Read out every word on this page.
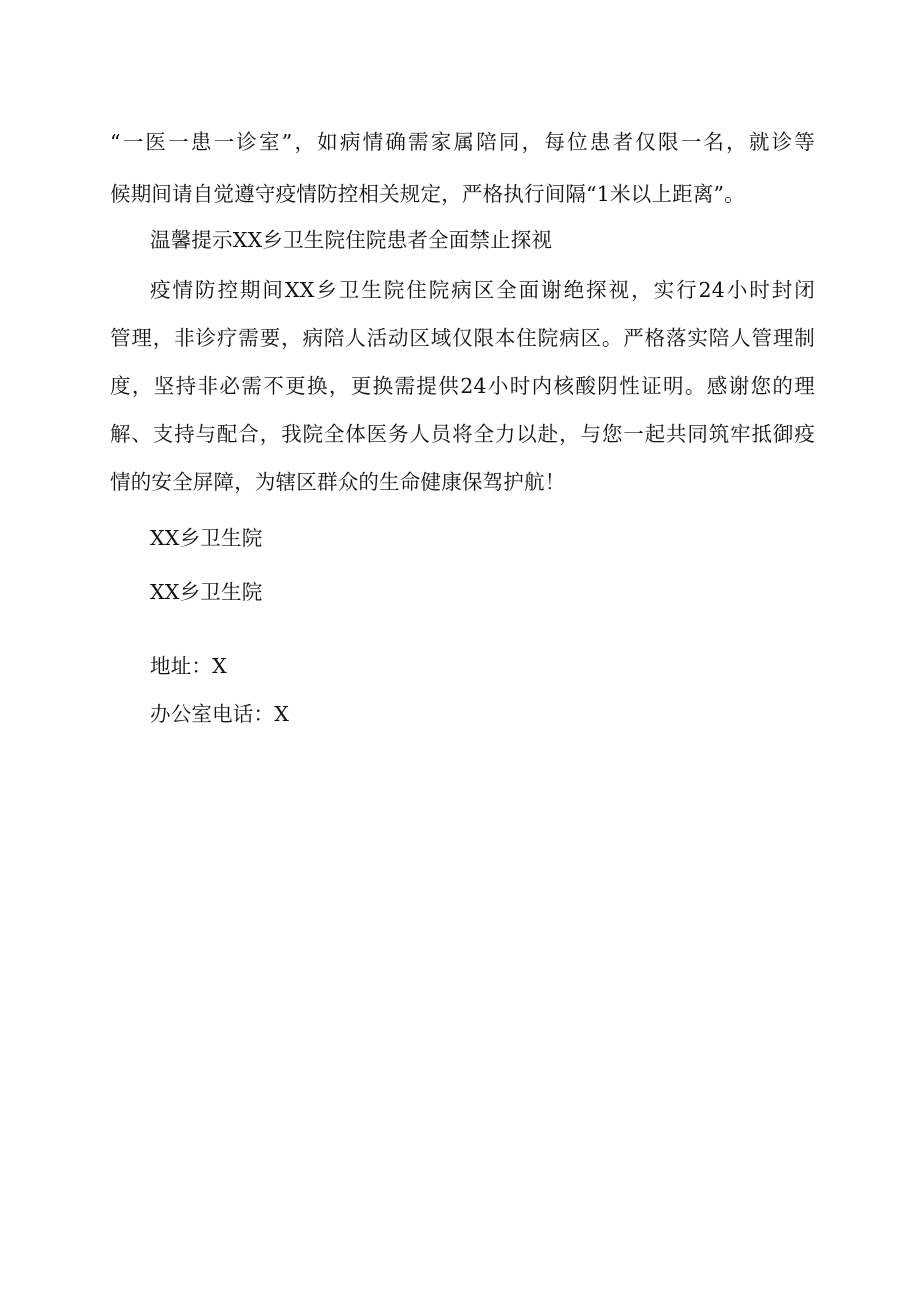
“一医一患一诊室”，如病情确需家属陪同，每位患者仅限一名，就诊等
候期间请自觉遵守疫情防控相关规定，严格执行间隔“1米以上距离”。
温馨提示XX乡卫生院住院患者全面禁止探视
疫情防控期间XX乡卫生院住院病区全面谢绝探视，实行24小时封闭
管理，非诊疗需要，病陪人活动区域仅限本住院病区。严格落实陪人管理制
度，坚持非必需不更换，更换需提供24小时内核酸阴性证明。感谢您的理
解、支持与配合，我院全体医务人员将全力以赴，与您一起共同筑牢抵御疫
情的安全屏障，为辖区群众的生命健康保驾护航！
XX乡卫生院
XX乡卫生院
地址：X
办公室电话：X
